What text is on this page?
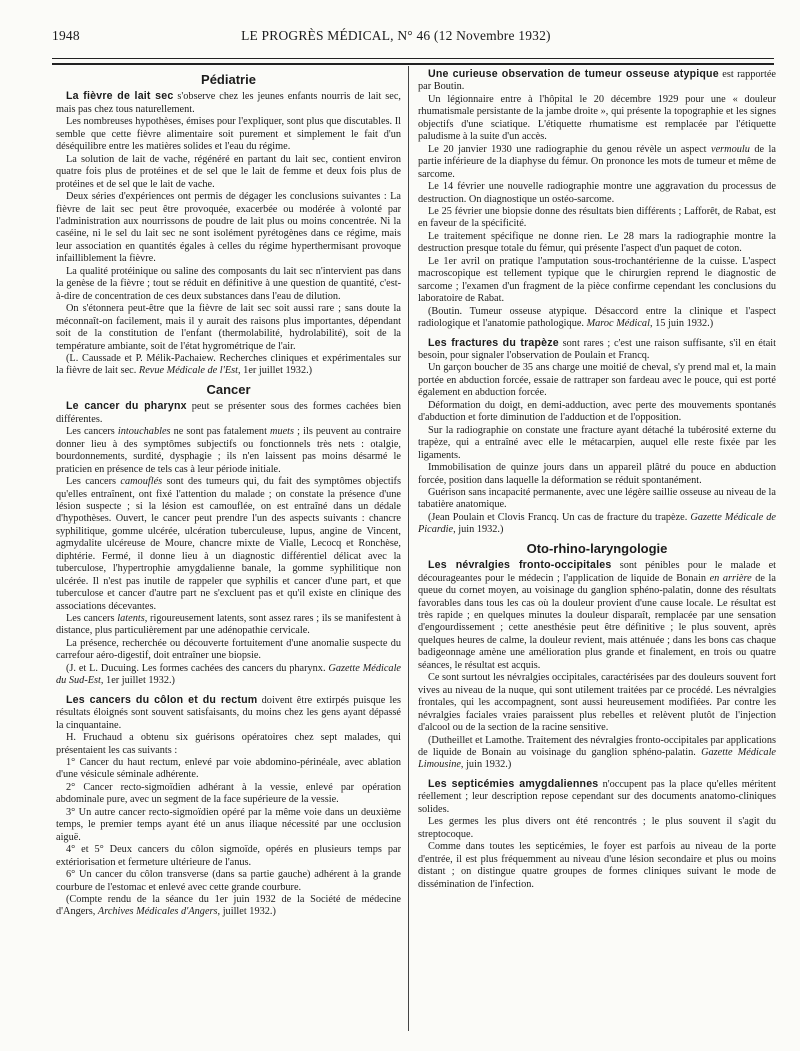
1948	LE PROGRÈS MÉDICAL, N° 46 (12 Novembre 1932)
Pédiatrie

La fièvre de lait sec s'observe chez les jeunes enfants nourris de lait sec, mais pas chez tous naturellement.

Les nombreuses hypothèses, émises pour l'expliquer, sont plus que discutables. Il semble que cette fièvre alimentaire soit purement et simplement le fait d'un déséquilibre entre les matières solides et l'eau du régime.

La solution de lait de vache, régénéré en partant du lait sec, contient environ quatre fois plus de protéines et de sel que le lait de femme et deux fois plus de protéines et de sel que le lait de vache.

Deux séries d'expériences ont permis de dégager les conclusions suivantes : La fièvre de lait sec peut être provoquée, exacerbée ou modérée à volonté par l'administration aux nourrissons de poudre de lait plus ou moins concentrée. Ni la caséine, ni le sel du lait sec ne sont isolément pyrétogènes dans ce régime, mais leur association en quantités égales à celles du régime hyperthermisant provoque infailliblement la fièvre.

La qualité protéinique ou saline des composants du lait sec n'intervient pas dans la genèse de la fièvre ; tout se réduit en définitive à une question de quantité, c'est-à-dire de concentration de ces deux substances dans l'eau de dilution.

On s'étonnera peut-être que la fièvre de lait sec soit aussi rare ; sans doute la méconnaît-on facilement, mais il y aurait des raisons plus importantes, dépendant soit de la constitution de l'enfant (thermolabilité, hydrolabilité), soit de la température ambiante, soit de l'état hygrométrique de l'air.

(L. Caussade et P. Mélik-Pachaiew. Recherches cliniques et expérimentales sur la fièvre de lait sec. Revue Médicale de l'Est, 1er juillet 1932.)

Cancer

Le cancer du pharynx peut se présenter sous des formes cachées bien différentes.

Les cancers intouchables ne sont pas fatalement muets ; ils peuvent au contraire donner lieu à des symptômes subjectifs ou fonctionnels très nets : otalgie, bourdonnements, surdité, dysphagie ; ils n'en laissent pas moins désarmé le praticien en présence de tels cas à leur période initiale.

Les cancers camouflés sont des tumeurs qui, du fait des symptômes objectifs qu'elles entraînent, ont fixé l'attention du malade ; on constate la présence d'une lésion suspecte ; si la lésion est camouflée, on est entraîné dans un dédale d'hypothèses. Ouvert, le cancer peut prendre l'un des aspects suivants : chancre syphilitique, gomme ulcérée, ulcération tuberculeuse, lupus, angine de Vincent, agmydalite ulcéreuse de Moure, chancre mixte de Vialle, Lecocq et Ronchèse, diphtérie. Fermé, il donne lieu à un diagnostic différentiel délicat avec la tuberculose, l'hypertrophie amygdalienne banale, la gomme syphilitique non ulcérée. Il n'est pas inutile de rappeler que syphilis et cancer d'une part, et que tuberculose et cancer d'autre part ne s'excluent pas et qu'il existe en clinique des associations décevantes.

Les cancers latents, rigoureusement latents, sont assez rares ; ils se manifestent à distance, plus particulièrement par une adénopathie cervicale.

La présence, recherchée ou découverte fortuitement d'une anomalie suspecte du carrefour aéro-digestif, doit entraîner une biopsie.

(J. et L. Ducuing. Les formes cachées des cancers du pharynx. Gazette Médicale du Sud-Est, 1er juillet 1932.)

Les cancers du côlon et du rectum doivent être extirpés puisque les résultats éloignés sont souvent satisfaisants, du moins chez les gens ayant dépassé la cinquantaine.

H. Fruchaud a obtenu six guérisons opératoires chez sept malades, qui présentaient les cas suivants :

1° Cancer du haut rectum, enlevé par voie abdomino-périnéale, avec ablation d'une vésicule séminale adhérente.

2° Cancer recto-sigmoïdien adhérant à la vessie, enlevé par opération abdominale pure, avec un segment de la face supérieure de la vessie.

3° Un autre cancer recto-sigmoïdien opéré par la même voie dans un deuxième temps, le premier temps ayant été un anus iliaque nécessité par une occlusion aiguë.

4° et 5° Deux cancers du côlon sigmoïde, opérés en plusieurs temps par extériorisation et fermeture ultérieure de l'anus.

6° Un cancer du côlon transverse (dans sa partie gauche) adhérent à la grande courbure de l'estomac et enlevé avec cette grande courbure.

(Compte rendu de la séance du 1er juin 1932 de la Société de médecine d'Angers, Archives Médicales d'Angers, juillet 1932.)

Une curieuse observation de tumeur osseuse atypique est rapportée par Boutin.

Un légionnaire entre à l'hôpital le 20 décembre 1929 pour une « douleur rhumatismale persistante de la jambe droite », qui présente la topographie et les signes objectifs d'une sciatique. L'étiquette rhumatisme est remplacée par l'étiquette paludisme à la suite d'un accès.

Le 20 janvier 1930 une radiographie du genou révèle un aspect vermoulu de la partie inférieure de la diaphyse du fémur. On prononce les mots de tumeur et même de sarcome.

Le 14 février une nouvelle radiographie montre une aggravation du processus de destruction. On diagnostique un ostéo-sarcome.

Le 25 février une biopsie donne des résultats bien différents ; Lafforêt, de Rabat, est en faveur de la spécificité.

Le traitement spécifique ne donne rien. Le 28 mars la radiographie montre la destruction presque totale du fémur, qui présente l'aspect d'un paquet de coton.

Le 1er avril on pratique l'amputation sous-trochantérienne de la cuisse. L'aspect macroscopique est tellement typique que le chirurgien reprend le diagnostic de sarcome ; l'examen d'un fragment de la pièce confirme cependant les conclusions du laboratoire de Rabat.

(Boutin. Tumeur osseuse atypique. Désaccord entre la clinique et l'aspect radiologique et l'anatomie pathologique. Maroc Médical, 15 juin 1932.)

Les fractures du trapèze sont rares ; c'est une raison suffisante, s'il en était besoin, pour signaler l'observation de Poulain et Francq.

Un garçon boucher de 35 ans charge une moitié de cheval, s'y prend mal et, la main portée en abduction forcée, essaie de rattraper son fardeau avec le pouce, qui est porté également en abduction forcée.

Déformation du doigt, en demi-adduction, avec perte des mouvements spontanés d'abduction et forte diminution de l'adduction et de l'opposition.

Sur la radiographie on constate une fracture ayant détaché la tubérosité externe du trapèze, qui a entraîné avec elle le métacarpien, auquel elle reste fixée par les ligaments.

Immobilisation de quinze jours dans un appareil plâtré du pouce en abduction forcée, position dans laquelle la déformation se réduit spontanément.

Guérison sans incapacité permanente, avec une légère saillie osseuse au niveau de la tabatière anatomique.

(Jean Poulain et Clovis Francq. Un cas de fracture du trapèze. Gazette Médicale de Picardie, juin 1932.)

Oto-rhino-laryngologie

Les névralgies fronto-occipitales sont pénibles pour le malade et décourageantes pour le médecin ; l'application de liquide de Bonain en arrière de la queue du cornet moyen, au voisinage du ganglion sphéno-palatin, donne des résultats favorables dans tous les cas où la douleur provient d'une cause locale. Le résultat est très rapide ; en quelques minutes la douleur disparaît, remplacée par une sensation d'engourdissement ; cette anesthésie peut être définitive ; le plus souvent, après quelques heures de calme, la douleur revient, mais atténuée ; dans les bons cas chaque badigeonnage amène une amélioration plus grande et finalement, en trois ou quatre séances, le résultat est acquis.

Ce sont surtout les névralgies occipitales, caractérisées par des douleurs souvent fort vives au niveau de la nuque, qui sont utilement traitées par ce procédé. Les névralgies frontales, qui les accompagnent, sont aussi heureusement modifiées. Par contre les névralgies faciales vraies paraissent plus rebelles et relèvent plutôt de l'injection d'alcool ou de la section de la racine sensitive.

(Dutheillet et Lamothe. Traitement des névralgies fronto-occipitales par applications de liquide de Bonain au voisinage du ganglion sphéno-palatin. Gazette Médicale Limousine, juin 1932.)

Les septicémies amygdaliennes n'occupent pas la place qu'elles méritent réellement ; leur description repose cependant sur des documents anatomo-cliniques solides.

Les germes les plus divers ont été rencontrés ; le plus souvent il s'agit du streptocoque.

Comme dans toutes les septicémies, le foyer est parfois au niveau de la porte d'entrée, il est plus fréquemment au niveau d'une lésion secondaire et plus ou moins distant ; on distingue quatre groupes de formes cliniques suivant le mode de dissémination de l'infection.
